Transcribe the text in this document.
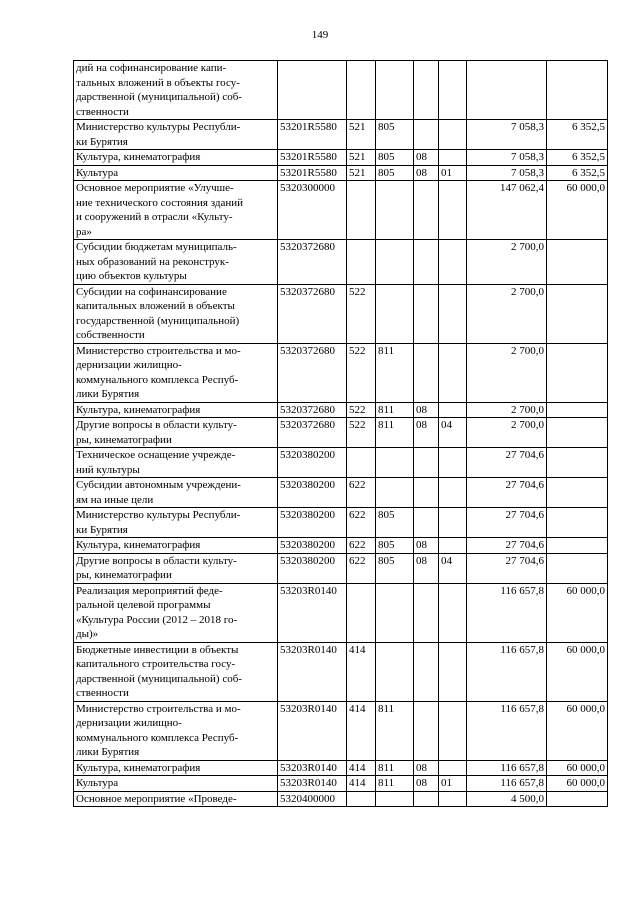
149
дий на софинансирование капи-
тальных вложений в объекты госу-
дарственной (муниципальной) соб-
ственности							
Министерство культуры Республи-
ки Бурятия	53201R5580	521	805			7 058,3	6 352,5
Культура, кинематография	53201R5580	521	805	08		7 058,3	6 352,5
Культура	53201R5580	521	805	08	01	7 058,3	6 352,5
Основное мероприятие «Улучше-
ние технического состояния зданий
и сооружений в отрасли «Культу-
ра»	5320300000					147 062,4	60 000,0
Субсидии бюджетам муниципаль-
ных образований на реконструк-
цию объектов культуры	5320372680					2 700,0	
Субсидии на софинансирование
капитальных вложений в объекты
государственной (муниципальной)
собственности	5320372680	522				2 700,0	
Министерство строительства и мо-
дернизации жилищно-
коммунального комплекса Респуб-
лики Бурятия	5320372680	522	811			2 700,0	
Культура, кинематография	5320372680	522	811	08		2 700,0	
Другие вопросы в области культу-
ры, кинематографии	5320372680	522	811	08	04	2 700,0	
Техническое оснащение учрежде-
ний культуры	5320380200					27 704,6	
Субсидии автономным учреждени-
ям на иные цели	5320380200	622				27 704,6	
Министерство культуры Республи-
ки Бурятия	5320380200	622	805			27 704,6	
Культура, кинематография	5320380200	622	805	08		27 704,6	
Другие вопросы в области культу-
ры, кинематографии	5320380200	622	805	08	04	27 704,6	
Реализация мероприятий феде-
ральной целевой программы
«Культура России (2012 – 2018 го-
ды)»	53203R0140					116 657,8	60 000,0
Бюджетные инвестиции в объекты
капитального строительства госу-
дарственной (муниципальной) соб-
ственности	53203R0140	414				116 657,8	60 000,0
Министерство строительства и мо-
дернизации жилищно-
коммунального комплекса Респуб-
лики Бурятия	53203R0140	414	811			116 657,8	60 000,0
Культура, кинематография	53203R0140	414	811	08		116 657,8	60 000,0
Культура	53203R0140	414	811	08	01	116 657,8	60 000,0
Основное мероприятие «Проведе-	5320400000					4 500,0	
